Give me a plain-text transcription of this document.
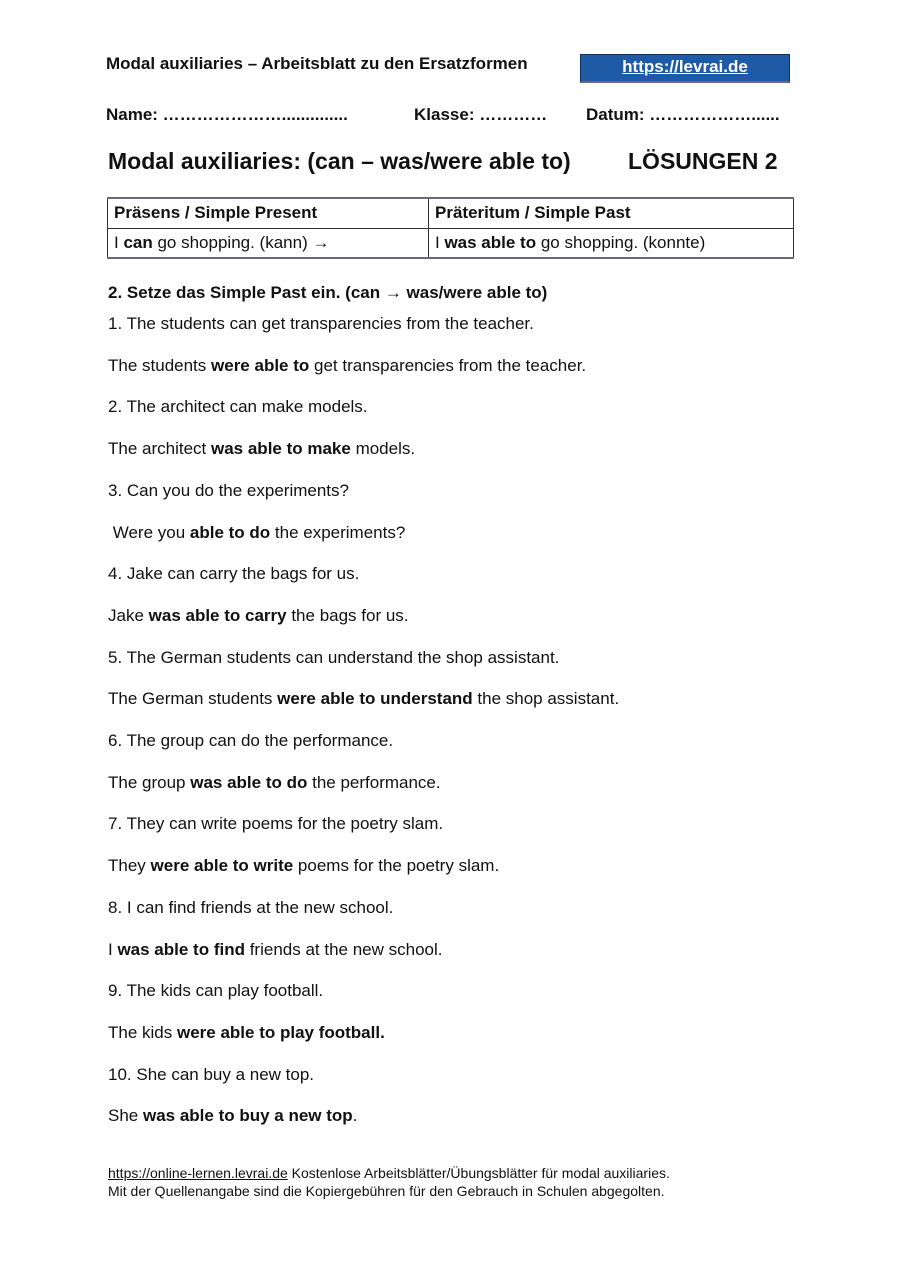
Modal auxiliaries – Arbeitsblatt zu den Ersatzformen	https://levrai.de
Name: …………………..............	Klasse: ………… Datum: ………………......
Modal auxiliaries: (can – was/were able to) LÖSUNGEN 2
Präsens / Simple Present	Präteritum / Simple Past
I can go shopping. (kann) →	I was able to go shopping. (konnte)
2. Setze das Simple Past ein. (can → was/were able to)
1. The students can get transparencies from the teacher.
The students were able to get transparencies from the teacher.
2. The architect can make models.
The architect was able to make models.
3. Can you do the experiments?
Were you able to do the experiments?
4. Jake can carry the bags for us.
Jake was able to carry the bags for us.
5. The German students can understand the shop assistant.
The German students were able to understand the shop assistant.
6. The group can do the performance.
The group was able to do the performance.
7. They can write poems for the poetry slam.
They were able to write poems for the poetry slam.
8. I can find friends at the new school.
I was able to find friends at the new school.
9. The kids can play football.
The kids were able to play football.
10. She can buy a new top.
She was able to buy a new top.
https://online-lernen.levrai.de Kostenlose Arbeitsblätter/Übungsblätter für modal auxiliaries.
Mit der Quellenangabe sind die Kopiergebühren für den Gebrauch in Schulen abgegolten.
